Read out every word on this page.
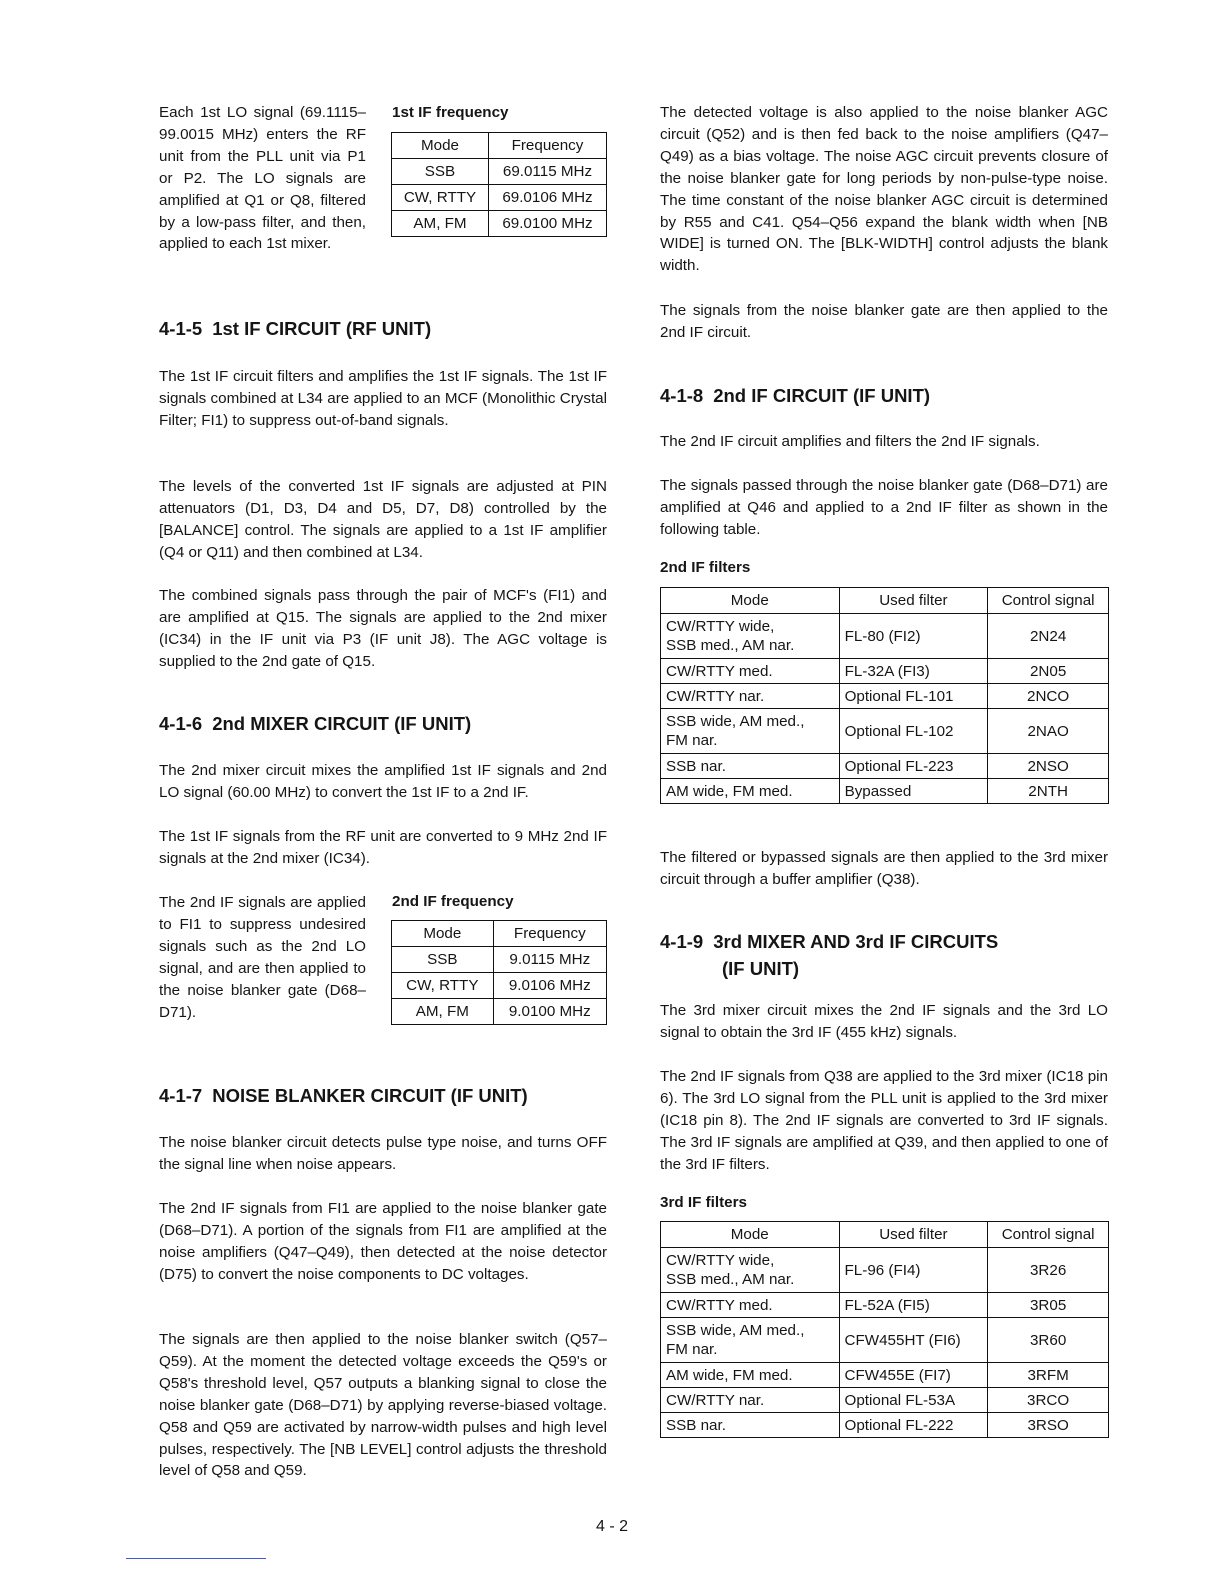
Each 1st LO signal (69.1115–99.0015 MHz) enters the RF unit from the PLL unit via P1 or P2. The LO signals are amplified at Q1 or Q8, filtered by a low-pass filter, and then, applied to each 1st mixer.

1st IF frequency
Mode	Frequency
SSB	69.0115 MHz
CW, RTTY	69.0106 MHz
AM, FM	69.0100 MHz
4-1-5 1st IF CIRCUIT (RF UNIT)

The 1st IF circuit filters and amplifies the 1st IF signals. The 1st IF signals combined at L34 are applied to an MCF (Monolithic Crystal Filter; FI1) to suppress out-of-band signals.

The levels of the converted 1st IF signals are adjusted at PIN attenuators (D1, D3, D4 and D5, D7, D8) controlled by the [BALANCE] control. The signals are applied to a 1st IF amplifier (Q4 or Q11) and then combined at L34.

The combined signals pass through the pair of MCF's (FI1) and are amplified at Q15. The signals are applied to the 2nd mixer (IC34) in the IF unit via P3 (IF unit J8). The AGC voltage is supplied to the 2nd gate of Q15.

4-1-6 2nd MIXER CIRCUIT (IF UNIT)

The 2nd mixer circuit mixes the amplified 1st IF signals and 2nd LO signal (60.00 MHz) to convert the 1st IF to a 2nd IF.

The 1st IF signals from the RF unit are converted to 9 MHz 2nd IF signals at the 2nd mixer (IC34).

The 2nd IF signals are applied to FI1 to suppress undesired signals such as the 2nd LO signal, and are then applied to the noise blanker gate (D68–D71).

2nd IF frequency
Mode	Frequency
SSB	9.0115 MHz
CW, RTTY	9.0106 MHz
AM, FM	9.0100 MHz
4-1-7 NOISE BLANKER CIRCUIT (IF UNIT)

The noise blanker circuit detects pulse type noise, and turns OFF the signal line when noise appears.

The 2nd IF signals from FI1 are applied to the noise blanker gate (D68–D71). A portion of the signals from FI1 are amplified at the noise amplifiers (Q47–Q49), then detected at the noise detector (D75) to convert the noise components to DC voltages.

The signals are then applied to the noise blanker switch (Q57–Q59). At the moment the detected voltage exceeds the Q59's or Q58's threshold level, Q57 outputs a blanking signal to close the noise blanker gate (D68–D71) by applying reverse-biased voltage. Q58 and Q59 are activated by narrow-width pulses and high level pulses, respectively. The [NB LEVEL] control adjusts the threshold level of Q58 and Q59.

The detected voltage is also applied to the noise blanker AGC circuit (Q52) and is then fed back to the noise amplifiers (Q47–Q49) as a bias voltage. The noise AGC circuit prevents closure of the noise blanker gate for long periods by non-pulse-type noise. The time constant of the noise blanker AGC circuit is determined by R55 and C41. Q54–Q56 expand the blank width when [NB WIDE] is turned ON. The [BLK-WIDTH] control adjusts the blank width.

The signals from the noise blanker gate are then applied to the 2nd IF circuit.

4-1-8 2nd IF CIRCUIT (IF UNIT)

The 2nd IF circuit amplifies and filters the 2nd IF signals.

The signals passed through the noise blanker gate (D68–D71) are amplified at Q46 and applied to a 2nd IF filter as shown in the following table.

2nd IF filters
Mode	Used filter	Control signal
CW/RTTY wide,
SSB med., AM nar.	FL-80 (FI2)	2N24
CW/RTTY med.	FL-32A (FI3)	2N05
CW/RTTY nar.	Optional FL-101	2NCO
SSB wide, AM med.,
FM nar.	Optional FL-102	2NAO
SSB nar.	Optional FL-223	2NSO
AM wide, FM med.	Bypassed	2NTH

The filtered or bypassed signals are then applied to the 3rd mixer circuit through a buffer amplifier (Q38).

4-1-9 3rd MIXER AND 3rd IF CIRCUITS
(IF UNIT)

The 3rd mixer circuit mixes the 2nd IF signals and the 3rd LO signal to obtain the 3rd IF (455 kHz) signals.

The 2nd IF signals from Q38 are applied to the 3rd mixer (IC18 pin 6). The 3rd LO signal from the PLL unit is applied to the 3rd mixer (IC18 pin 8). The 2nd IF signals are converted to 3rd IF signals. The 3rd IF signals are amplified at Q39, and then applied to one of the 3rd IF filters.

3rd IF filters
Mode	Used filter	Control signal
CW/RTTY wide,
SSB med., AM nar.	FL-96 (FI4)	3R26
CW/RTTY med.	FL-52A (FI5)	3R05
SSB wide, AM med.,
FM nar.	CFW455HT (FI6)	3R60
AM wide, FM med.	CFW455E (FI7)	3RFM
CW/RTTY nar.	Optional FL-53A	3RCO
SSB nar.	Optional FL-222	3RSO
4 - 2
